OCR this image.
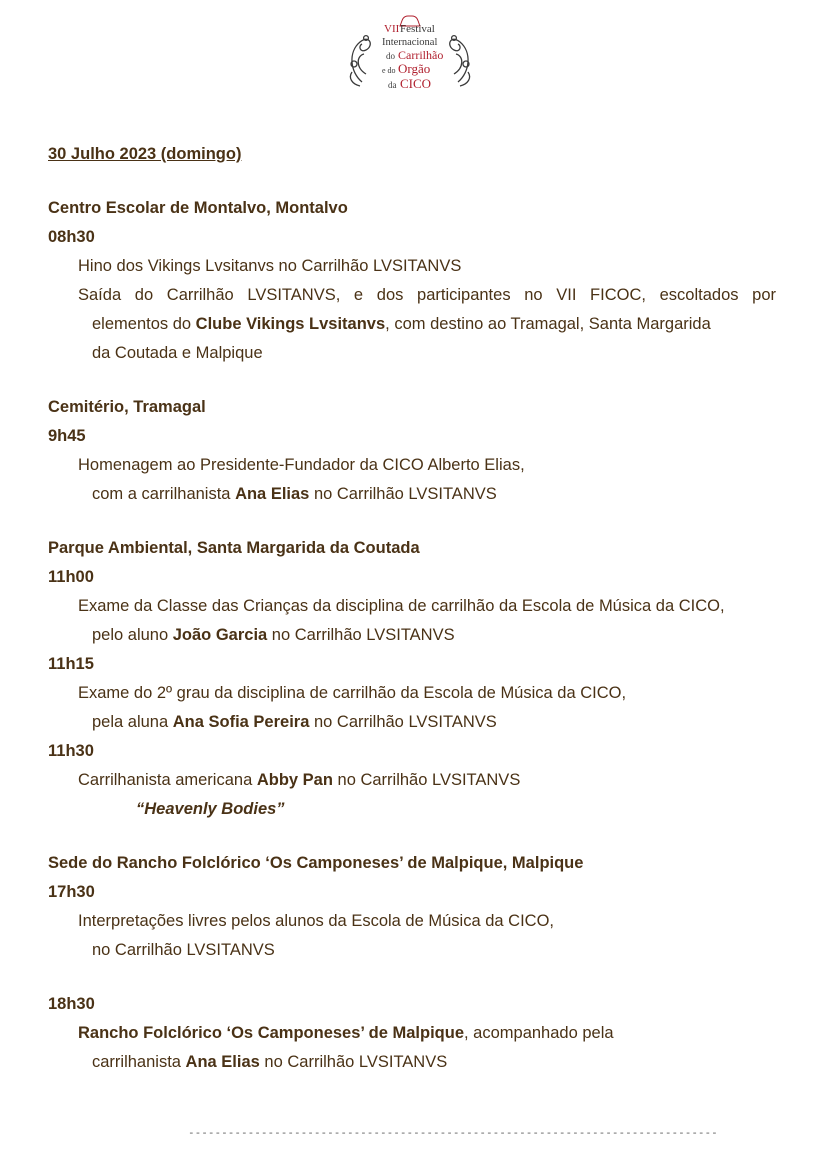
VII Festival
Internacional
do Carrilhão
e do Orgão
da CICO
30 Julho 2023 (domingo)
Centro Escolar de Montalvo, Montalvo
08h30
Hino dos Vikings Lvsitanvs no Carrilhão LVSITANVS
Saída do Carrilhão LVSITANVS, e dos participantes no VII FICOC, escoltados por
elementos do Clube Vikings Lvsitanvs, com destino ao Tramagal, Santa Margarida
da Coutada e Malpique
Cemitério, Tramagal
9h45
Homenagem ao Presidente-Fundador da CICO Alberto Elias,
com a carrilhanista Ana Elias no Carrilhão LVSITANVS
Parque Ambiental, Santa Margarida da Coutada
11h00
Exame da Classe das Crianças da disciplina de carrilhão da Escola de Música da CICO,
pelo aluno João Garcia no Carrilhão LVSITANVS
11h15
Exame do 2º grau da disciplina de carrilhão da Escola de Música da CICO,
pela aluna Ana Sofia Pereira no Carrilhão LVSITANVS
11h30
Carrilhanista americana Abby Pan no Carrilhão LVSITANVS
“Heavenly Bodies”
Sede do Rancho Folclórico ‘Os Camponeses’ de Malpique, Malpique
17h30
Interpretações livres pelos alunos da Escola de Música da CICO,
no Carrilhão LVSITANVS
18h30
Rancho Folclórico ‘Os Camponeses’ de Malpique, acompanhado pela
carrilhanista Ana Elias no Carrilhão LVSITANVS
--------------------------------------------------------------------------------
